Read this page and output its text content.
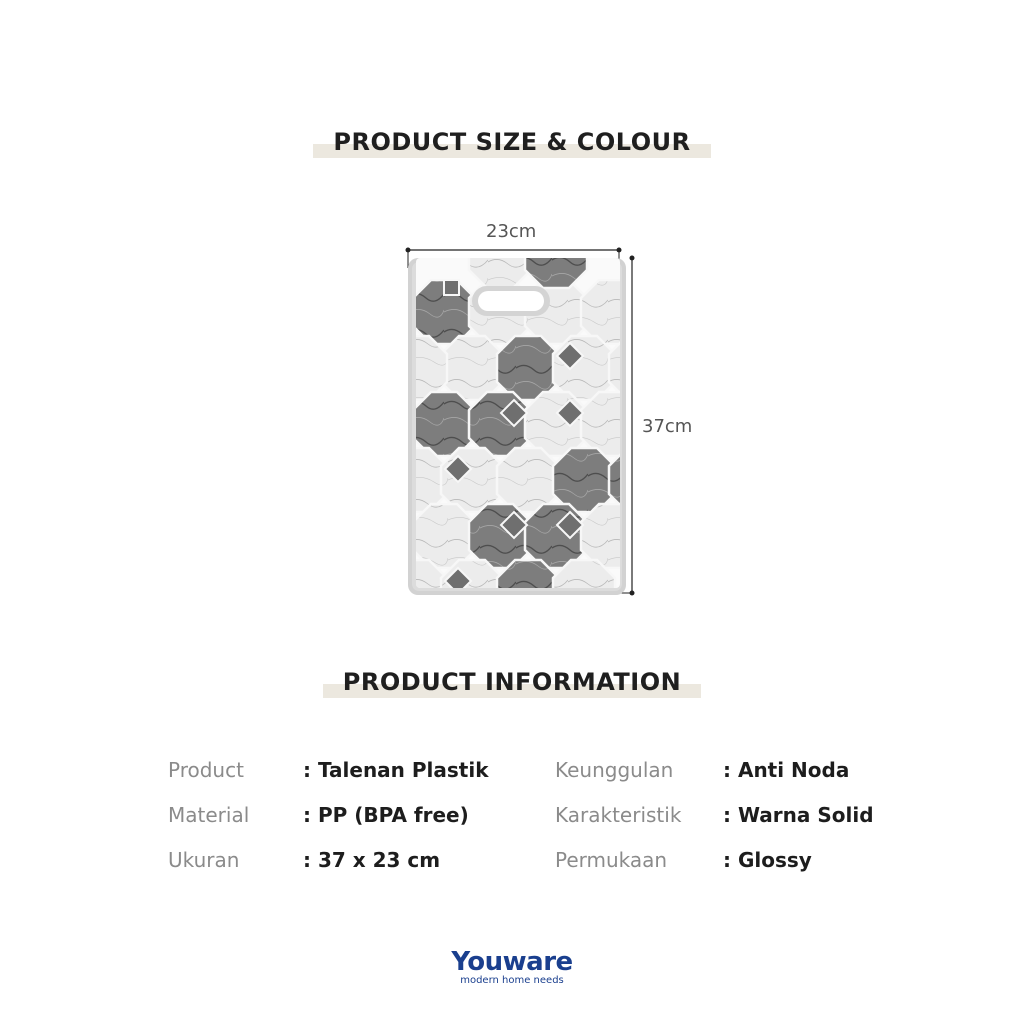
PRODUCT SIZE & COLOUR
23cm
37cm
PRODUCT INFORMATION
Product	: Talenan Plastik
Material	: PP (BPA free)
Ukuran	: 37 x 23 cm
Keunggulan : Anti Noda
Karakteristik : Warna Solid
Permukaan	: Glossy
Youware
modern home needs
